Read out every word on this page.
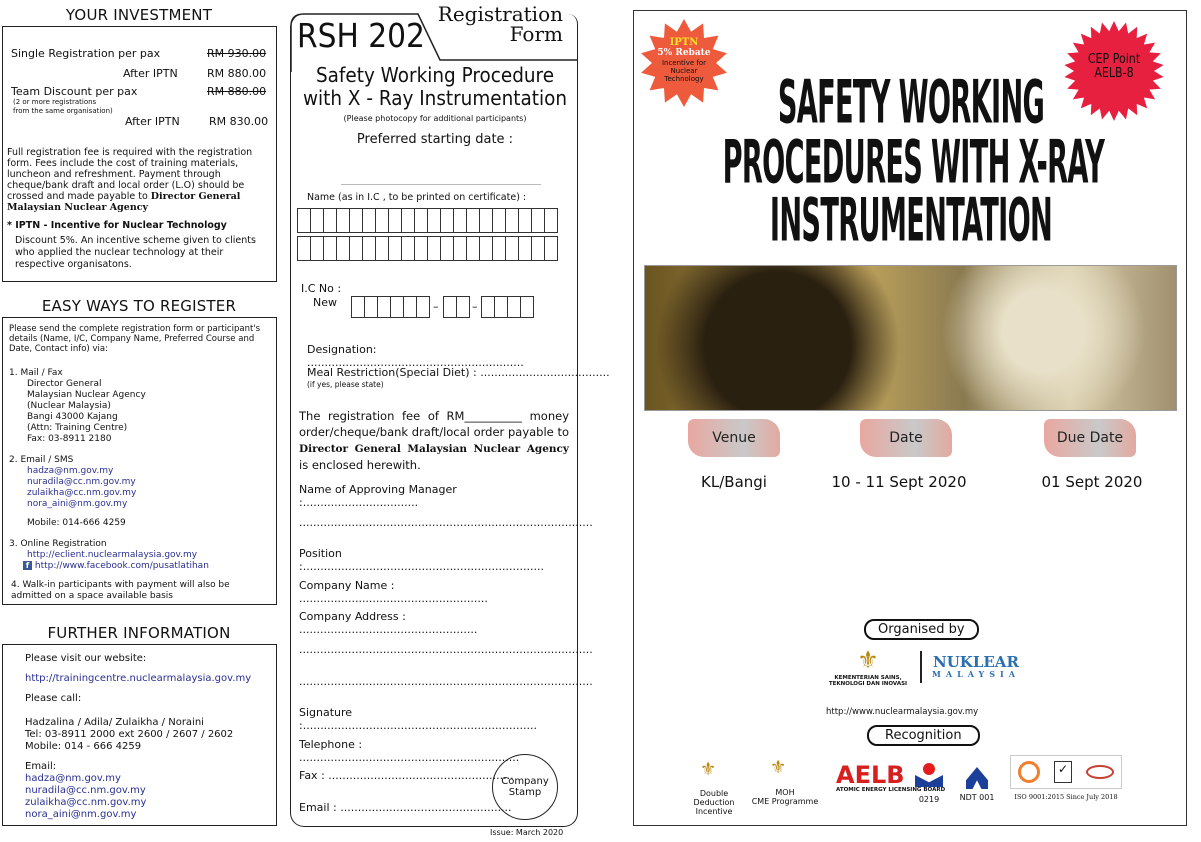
YOUR INVESTMENT
Single Registration per pax	RM 930.00
After IPTN	RM 880.00
Team Discount per pax	RM 880.00
(2 or more registrations
from the same organisation)
After IPTN	RM 830.00
Full registration fee is required with the registration form. Fees include the cost of training materials, luncheon and refreshment. Payment through cheque/bank draft and local order (L.O) should be crossed and made payable to Director General Malaysian Nuclear Agency
* IPTN - Incentive for Nuclear Technology
Discount 5%. An incentive scheme given to clients who applied the nuclear technology at their respective organisatons.
EASY WAYS TO REGISTER
Please send the complete registration form or participant's details (Name, I/C, Company Name, Preferred Course and Date, Contact info) via:
1. Mail / Fax
Director General
Malaysian Nuclear Agency
(Nuclear Malaysia)
Bangi 43000 Kajang
(Attn: Training Centre)
Fax: 03-8911 2180
2. Email / SMS
hadza@nm.gov.my
nuradila@cc.nm.gov.my
zulaikha@cc.nm.gov.my
nora_aini@nm.gov.my
Mobile: 014-666 4259
3. Online Registration
http://eclient.nuclearmalaysia.gov.my
f http://www.facebook.com/pusatlatihan
4. Walk-in participants with payment will also be admitted on a space available basis
FURTHER INFORMATION
Please visit our website:
http://trainingcentre.nuclearmalaysia.gov.my
Please call:
Hadzalina / Adila/ Zulaikha / Noraini
Tel: 03-8911 2000 ext 2600 / 2607 / 2602
Mobile: 014 - 666 4259
Email:
hadza@nm.gov.my
nuradila@cc.nm.gov.my
zulaikha@cc.nm.gov.my
nora_aini@nm.gov.my
RSH 202
Registration
Form
Safety Working Procedure
with X - Ray Instrumentation
(Please photocopy for additional participants)
Preferred starting date :
Name (as in I.C , to be printed on certificate) :
I.C No :
New	–	–
Designation: ..............................................................
Meal Restriction(Special Diet) : .....................................
(if yes, please state)
The registration fee of RM__________ money order/cheque/bank draft/local order payable to Director General Malaysian Nuclear Agency is enclosed herewith.
Name of Approving Manager :.................................
....................................................................................
Position :.....................................................................
Company Name : ......................................................
Company Address : ...................................................
....................................................................................
....................................................................................
Signature :...................................................................
Telephone : ...............................................................
Fax : .....................................................
Email : .................................................
Company Stamp
Issue: March 2020
IPTN
5% Rebate
Incentive for Nuclear Technology
CEP Point
AELB-8
SAFETY WORKING
PROCEDURES WITH X-RAY
INSTRUMENTATION
Venue	Date	Due Date
KL/Bangi	10 - 11 Sept 2020	01 Sept 2020
Organised by
⚜
KEMENTERIAN SAINS, TEKNOLOGI DAN INOVASI
NUKLEAR
MALAYSIA
http://www.nuclearmalaysia.gov.my
Recognition
⚜
Double Deduction Incentive
⚜
MOH
CME Programme
AELB
ATOMIC ENERGY LICENSING BOARD
0219	NDT 001
✓
ISO 9001:2015 Since July 2018
